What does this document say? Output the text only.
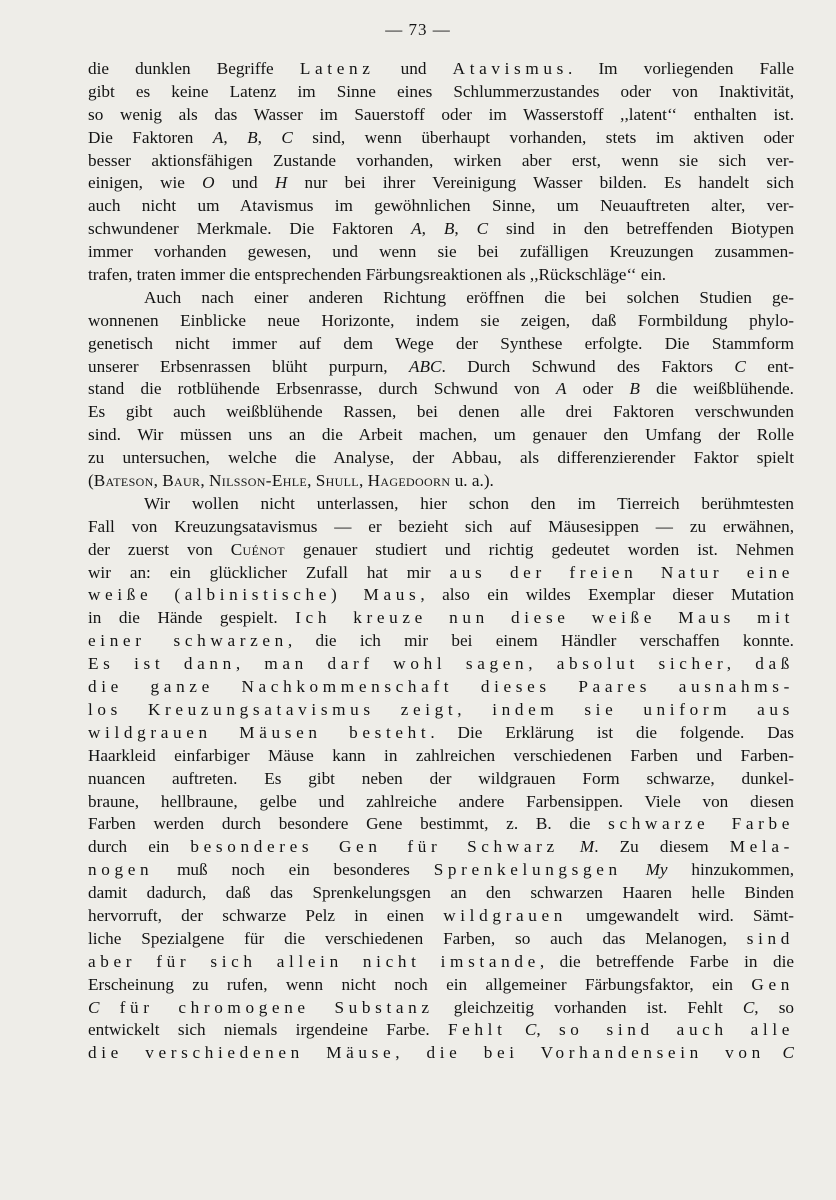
— 73 —
die dunklen Begriffe Latenz und Atavismus. Im vorliegenden Falle
gibt es keine Latenz im Sinne eines Schlummerzustandes oder von Inaktivität,
so wenig als das Wasser im Sauerstoff oder im Wasserstoff ,,latent‘‘ enthalten ist.
Die Faktoren A, B, C sind, wenn überhaupt vorhanden, stets im aktiven oder
besser aktionsfähigen Zustande vorhanden, wirken aber erst, wenn sie sich ver-
einigen, wie O und H nur bei ihrer Vereinigung Wasser bilden. Es handelt sich
auch nicht um Atavismus im gewöhnlichen Sinne, um Neuauftreten alter, ver-
schwundener Merkmale. Die Faktoren A, B, C sind in den betreffenden Biotypen
immer vorhanden gewesen, und wenn sie bei zufälligen Kreuzungen zusammen-
trafen, traten immer die entsprechenden Färbungsreaktionen als ,,Rückschläge‘‘ ein.
Auch nach einer anderen Richtung eröffnen die bei solchen Studien ge-
wonnenen Einblicke neue Horizonte, indem sie zeigen, daß Formbildung phylo-
genetisch nicht immer auf dem Wege der Synthese erfolgte. Die Stammform
unserer Erbsenrassen blüht purpurn, ABC. Durch Schwund des Faktors C ent-
stand die rotblühende Erbsenrasse, durch Schwund von A oder B die weißblühende.
Es gibt auch weißblühende Rassen, bei denen alle drei Faktoren verschwunden
sind. Wir müssen uns an die Arbeit machen, um genauer den Umfang der Rolle
zu untersuchen, welche die Analyse, der Abbau, als differenzierender Faktor spielt
(Bateson, Baur, Nilsson-Ehle, Shull, Hagedoorn u. a.).
Wir wollen nicht unterlassen, hier schon den im Tierreich berühmtesten
Fall von Kreuzungsatavismus — er bezieht sich auf Mäusesippen — zu erwähnen,
der zuerst von Cuénot genauer studiert und richtig gedeutet worden ist. Nehmen
wir an: ein glücklicher Zufall hat mir aus der freien Natur eine
weiße (albinistische) Maus, also ein wildes Exemplar dieser Mutation
in die Hände gespielt. Ich kreuze nun diese weiße Maus mit
einer schwarzen, die ich mir bei einem Händler verschaffen konnte.
Es ist dann, man darf wohl sagen, absolut sicher, daß
die ganze Nachkommenschaft dieses Paares ausnahms-
los Kreuzungsatavismus zeigt, indem sie uniform aus
wildgrauen Mäusen besteht. Die Erklärung ist die folgende. Das
Haarkleid einfarbiger Mäuse kann in zahlreichen verschiedenen Farben und Farben-
nuancen auftreten. Es gibt neben der wildgrauen Form schwarze, dunkel-
braune, hellbraune, gelbe und zahlreiche andere Farbensippen. Viele von diesen
Farben werden durch besondere Gene bestimmt, z. B. die schwarze Farbe
durch ein besonderes Gen für Schwarz M. Zu diesem Mela-
nogen muß noch ein besonderes Sprenkelungsgen My hinzukommen,
damit dadurch, daß das Sprenkelungsgen an den schwarzen Haaren helle Binden
hervorruft, der schwarze Pelz in einen wildgrauen umgewandelt wird. Sämt-
liche Spezialgene für die verschiedenen Farben, so auch das Melanogen, sind
aber für sich allein nicht imstande, die betreffende Farbe in die
Erscheinung zu rufen, wenn nicht noch ein allgemeiner Färbungsfaktor, ein Gen
C für chromogene Substanz gleichzeitig vorhanden ist. Fehlt C, so
entwickelt sich niemals irgendeine Farbe. Fehlt C, so sind auch alle
die verschiedenen Mäuse, die bei Vorhandensein von C
